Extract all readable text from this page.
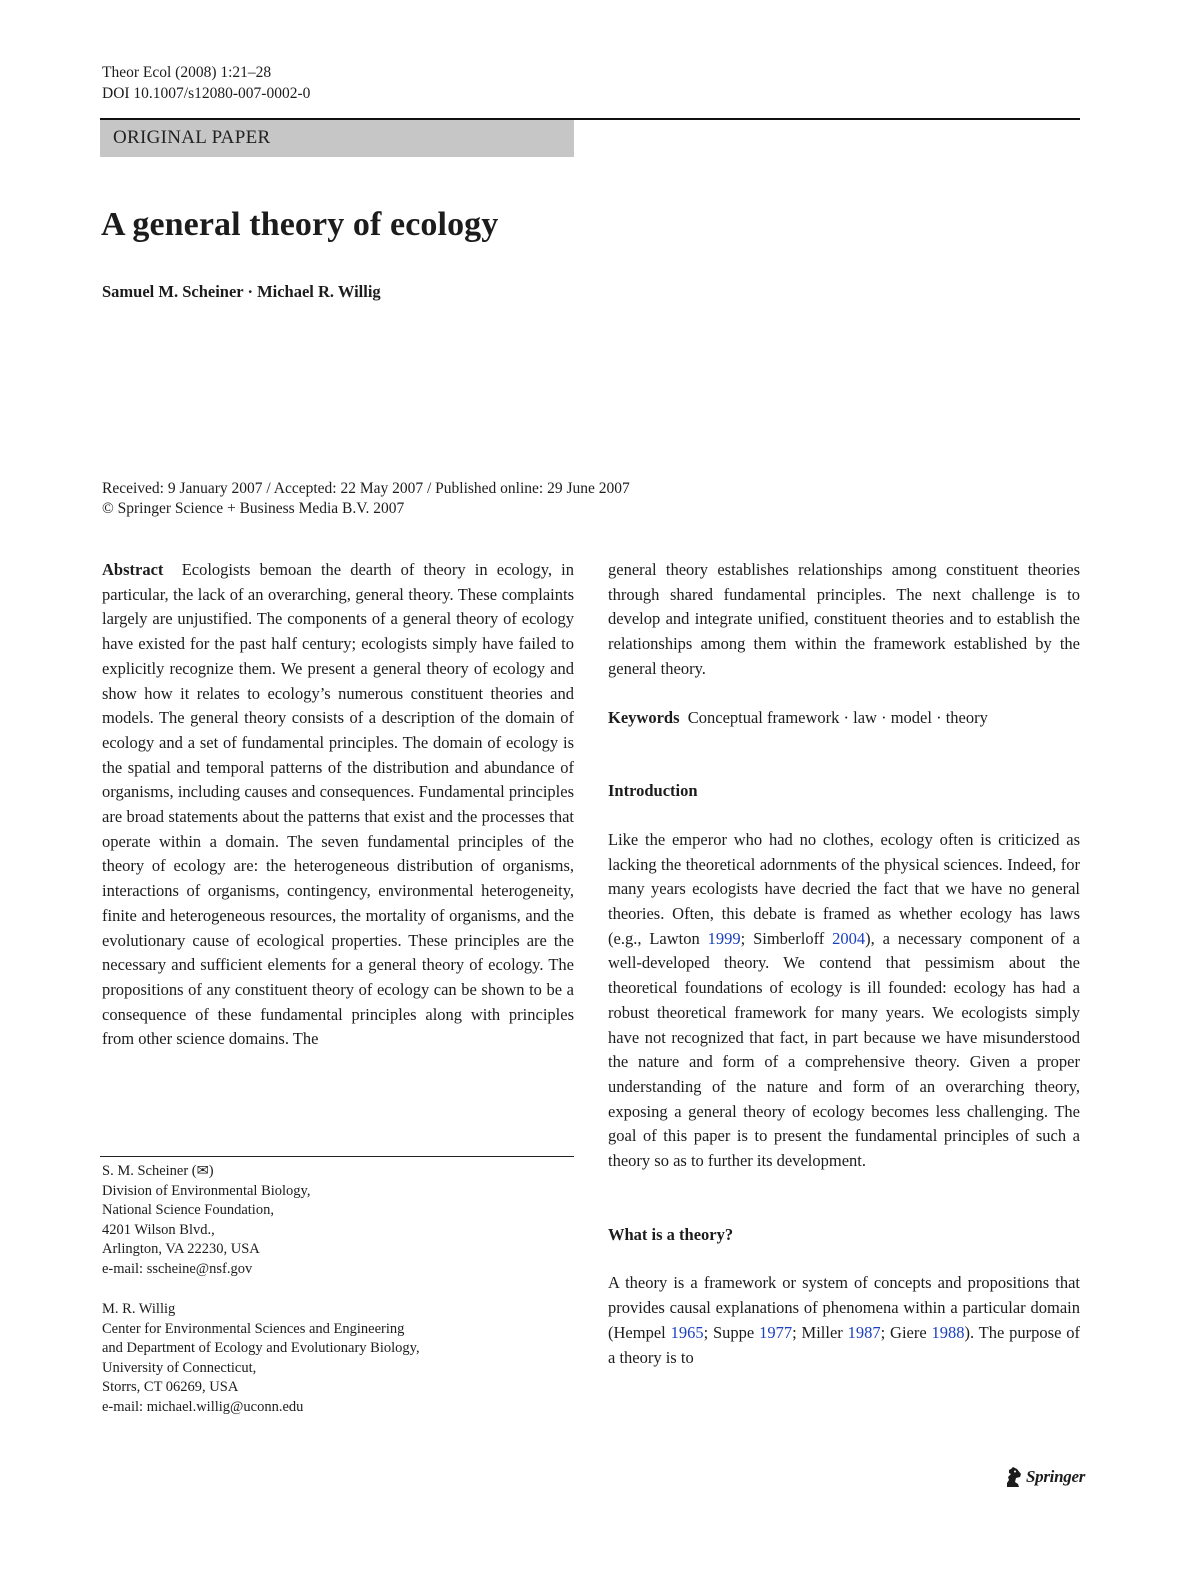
Theor Ecol (2008) 1:21–28
DOI 10.1007/s12080-007-0002-0
ORIGINAL PAPER
A general theory of ecology
Samuel M. Scheiner · Michael R. Willig
Received: 9 January 2007 / Accepted: 22 May 2007 / Published online: 29 June 2007
© Springer Science + Business Media B.V. 2007

Abstract Ecologists bemoan the dearth of theory in ecology, in particular, the lack of an overarching, general theory. These complaints largely are unjustified. The components of a general theory of ecology have existed for the past half century; ecologists simply have failed to explicitly recognize them. We present a general theory of ecology and show how it relates to ecology’s numerous constituent theories and models. The general theory consists of a description of the domain of ecology and a set of fundamental principles. The domain of ecology is the spatial and temporal patterns of the distribution and abundance of organisms, including causes and consequences. Fundamental principles are broad statements about the patterns that exist and the processes that operate within a domain. The seven fundamental principles of the theory of ecology are: the heterogeneous distribution of organisms, interactions of organisms, contingency, environmental heterogeneity, finite and heterogeneous resources, the mortality of organisms, and the evolutionary cause of ecological properties. These principles are the necessary and sufficient elements for a general theory of ecology. The propositions of any constituent theory of ecology can be shown to be a consequence of these fundamental principles along with principles from other science domains. The

S. M. Scheiner (✉)
Division of Environmental Biology,
National Science Foundation,
4201 Wilson Blvd.,
Arlington, VA 22230, USA
e-mail: sscheine@nsf.gov
M. R. Willig
Center for Environmental Sciences and Engineering
and Department of Ecology and Evolutionary Biology,
University of Connecticut,
Storrs, CT 06269, USA
e-mail: michael.willig@uconn.edu

general theory establishes relationships among constituent theories through shared fundamental principles. The next challenge is to develop and integrate unified, constituent theories and to establish the relationships among them within the framework established by the general theory.

Keywords Conceptual framework · law · model · theory

Introduction

Like the emperor who had no clothes, ecology often is criticized as lacking the theoretical adornments of the physical sciences. Indeed, for many years ecologists have decried the fact that we have no general theories. Often, this debate is framed as whether ecology has laws (e.g., Lawton 1999; Simberloff 2004), a necessary component of a well-developed theory. We contend that pessimism about the theoretical foundations of ecology is ill founded: ecology has had a robust theoretical framework for many years. We ecologists simply have not recognized that fact, in part because we have misunderstood the nature and form of a comprehensive theory. Given a proper understanding of the nature and form of an overarching theory, exposing a general theory of ecology becomes less challenging. The goal of this paper is to present the fundamental principles of such a theory so as to further its development.

What is a theory?

A theory is a framework or system of concepts and propositions that provides causal explanations of phenomena within a particular domain (Hempel 1965; Suppe 1977; Miller 1987; Giere 1988). The purpose of a theory is to

Springer
